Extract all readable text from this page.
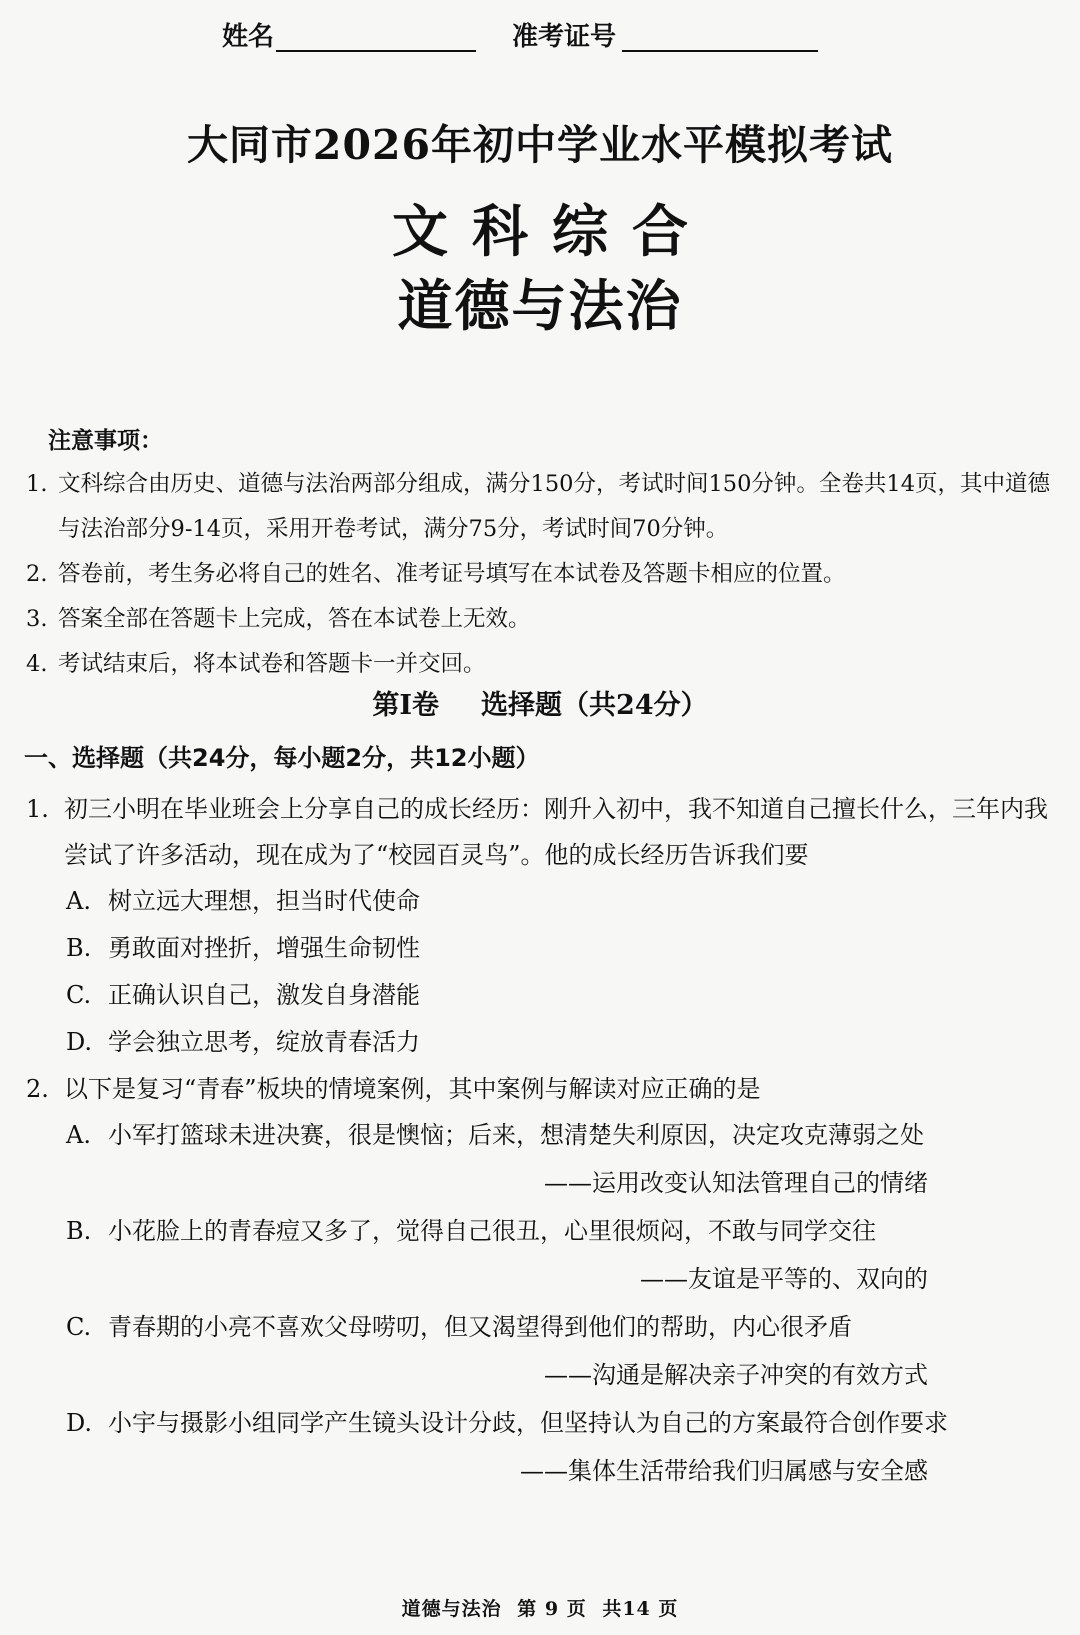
姓名	准考证号
大同市2026年初中学业水平模拟考试
文科综合
道德与法治
注意事项：
1. 文科综合由历史、道德与法治两部分组成，满分150分，考试时间150分钟。全卷共14页，其中道德与法治部分9-14页，采用开卷考试，满分75分，考试时间70分钟。
2. 答卷前，考生务必将自己的姓名、准考证号填写在本试卷及答题卡相应的位置。
3. 答案全部在答题卡上完成，答在本试卷上无效。
4. 考试结束后，将本试卷和答题卡一并交回。
第Ⅰ卷 选择题（共24分）
一、选择题（共24分，每小题2分，共12小题）
1. 初三小明在毕业班会上分享自己的成长经历：刚升入初中，我不知道自己擅长什么，三年内我尝试了许多活动，现在成为了“校园百灵鸟”。他的成长经历告诉我们要
A. 树立远大理想，担当时代使命
B. 勇敢面对挫折，增强生命韧性
C. 正确认识自己，激发自身潜能
D. 学会独立思考，绽放青春活力
2. 以下是复习“青春”板块的情境案例，其中案例与解读对应正确的是
A. 小军打篮球未进决赛，很是懊恼；后来，想清楚失利原因，决定攻克薄弱之处
——运用改变认知法管理自己的情绪
B. 小花脸上的青春痘又多了，觉得自己很丑，心里很烦闷，不敢与同学交往
——友谊是平等的、双向的
C. 青春期的小亮不喜欢父母唠叨，但又渴望得到他们的帮助，内心很矛盾
——沟通是解决亲子冲突的有效方式
D. 小宇与摄影小组同学产生镜头设计分歧，但坚持认为自己的方案最符合创作要求
——集体生活带给我们归属感与安全感
道德与法治 第 9 页 共14 页
